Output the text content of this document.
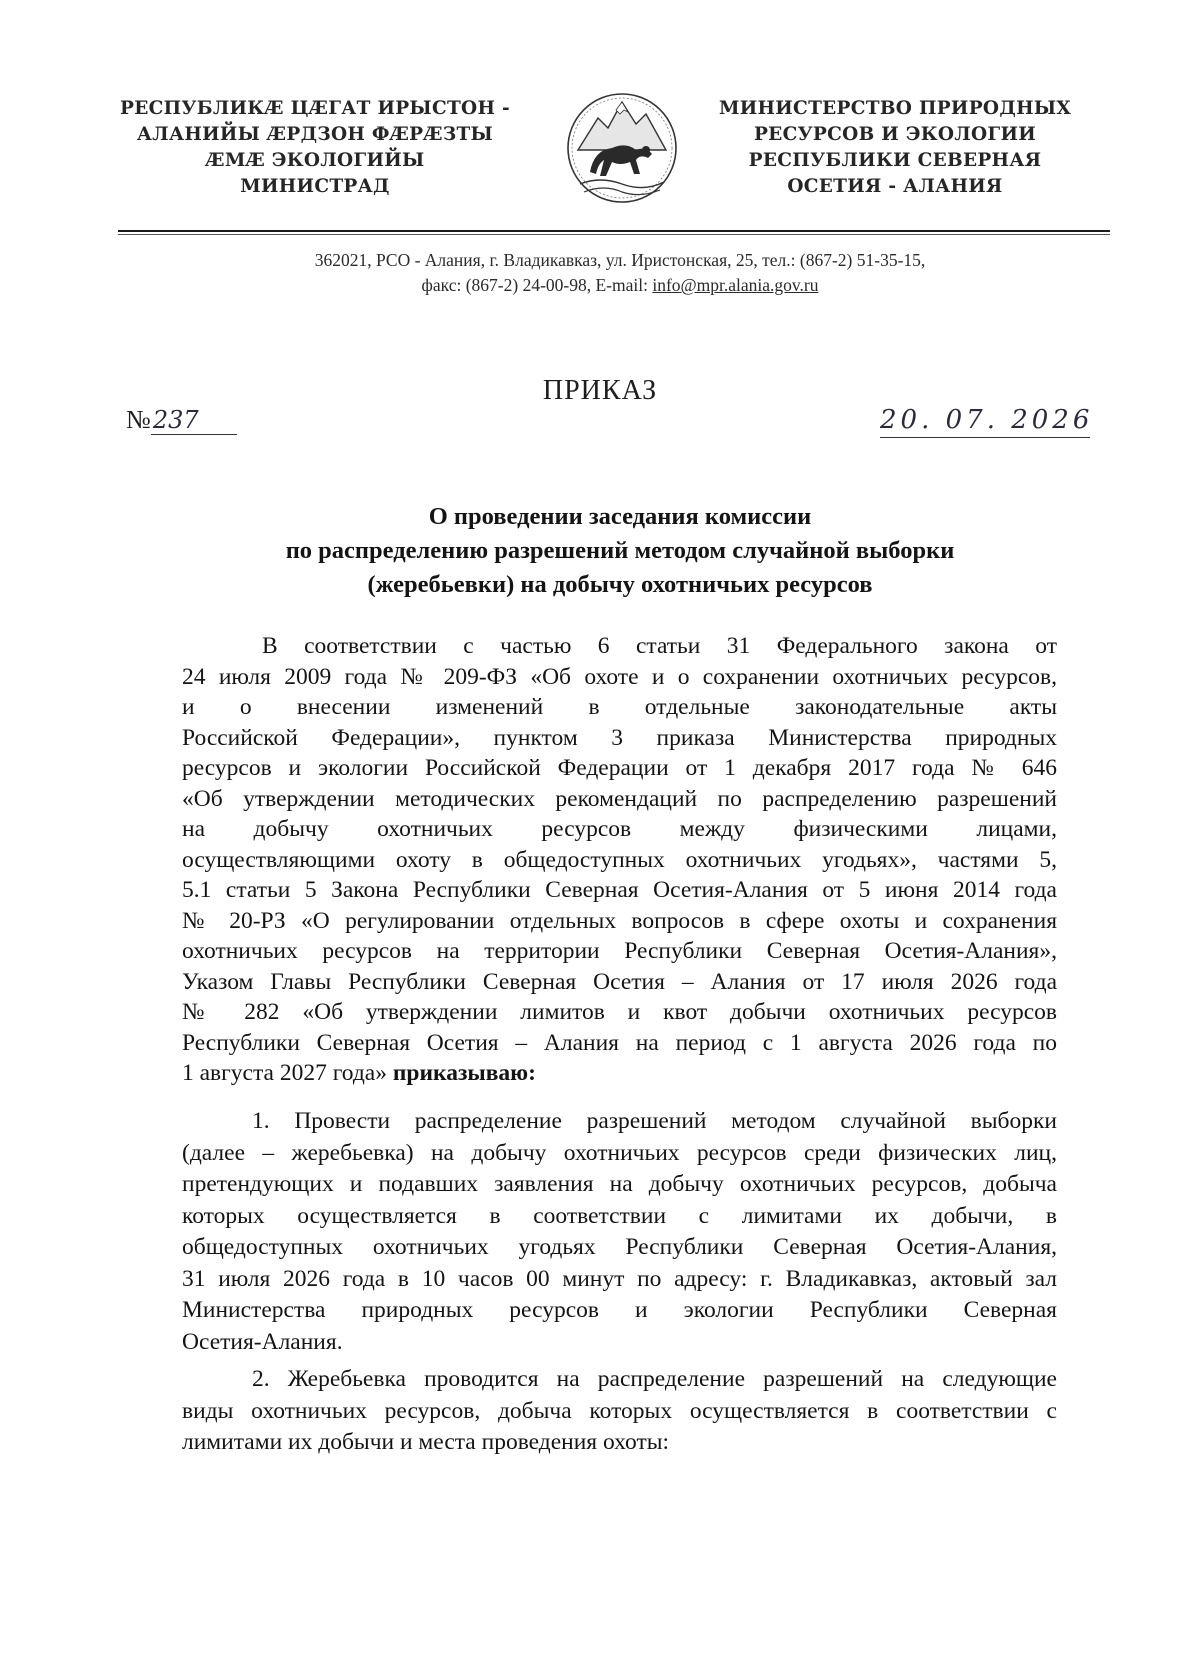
РЕСПУБЛИКӔ ЦӔГАТ ИРЫСТОН -
АЛАНИЙЫ ӔРДЗОН ФӔРӔЗТЫ
ӔМӔ ЭКОЛОГИЙЫ
МИНИСТРАД
МИНИСТЕРСТВО ПРИРОДНЫХ
РЕСУРСОВ И ЭКОЛОГИИ
РЕСПУБЛИКИ СЕВЕРНАЯ
ОСЕТИЯ - АЛАНИЯ
362021, РСО - Алания, г. Владикавказ, ул. Иристонская, 25, тел.: (867-2) 51-35-15,
факс: (867-2) 24-00-98, E-mail: info@mpr.alania.gov.ru
ПРИКАЗ
№237	20. 07. 2026
О проведении заседания комиссии
по распределению разрешений методом случайной выборки
(жеребьевки) на добычу охотничьих ресурсов
В соответствии с частью 6 статьи 31 Федерального закона от
24 июля 2009 года № 209-ФЗ «Об охоте и о сохранении охотничьих ресурсов,
и о внесении изменений в отдельные законодательные акты
Российской Федерации», пунктом 3 приказа Министерства природных
ресурсов и экологии Российской Федерации от 1 декабря 2017 года № 646
«Об утверждении методических рекомендаций по распределению разрешений
на добычу охотничьих ресурсов между физическими лицами,
осуществляющими охоту в общедоступных охотничьих угодьях», частями 5,
5.1 статьи 5 Закона Республики Северная Осетия-Алания от 5 июня 2014 года
№ 20-РЗ «О регулировании отдельных вопросов в сфере охоты и сохранения
охотничьих ресурсов на территории Республики Северная Осетия-Алания»,
Указом Главы Республики Северная Осетия – Алания от 17 июля 2026 года
№ 282 «Об утверждении лимитов и квот добычи охотничьих ресурсов
Республики Северная Осетия – Алания на период с 1 августа 2026 года по
1 августа 2027 года» приказываю:
1. Провести распределение разрешений методом случайной выборки
(далее – жеребьевка) на добычу охотничьих ресурсов среди физических лиц,
претендующих и подавших заявления на добычу охотничьих ресурсов, добыча
которых осуществляется в соответствии с лимитами их добычи, в
общедоступных охотничьих угодьях Республики Северная Осетия-Алания,
31 июля 2026 года в 10 часов 00 минут по адресу: г. Владикавказ, актовый зал
Министерства природных ресурсов и экологии Республики Северная
Осетия-Алания.
2. Жеребьевка проводится на распределение разрешений на следующие
виды охотничьих ресурсов, добыча которых осуществляется в соответствии с
лимитами их добычи и места проведения охоты:
